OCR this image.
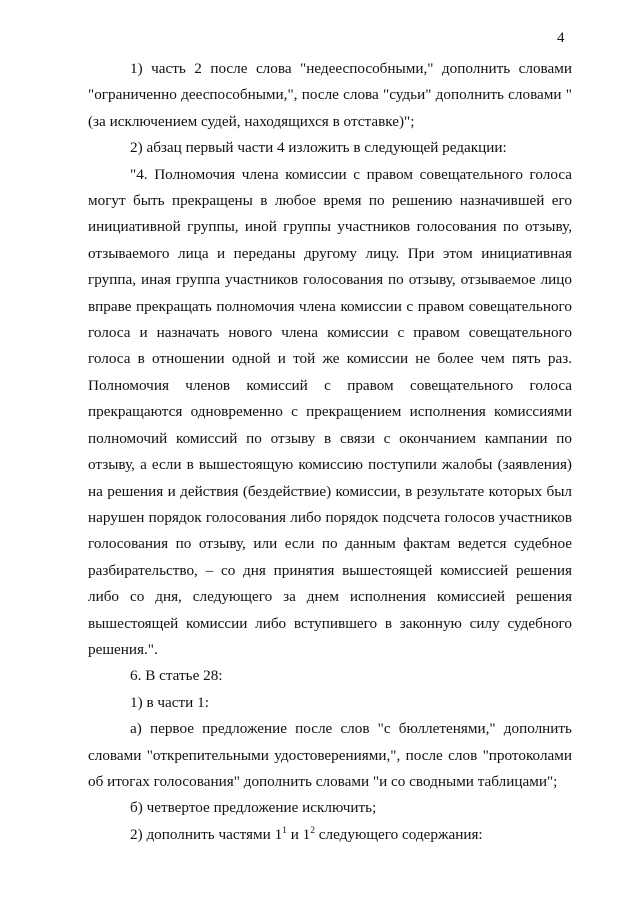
4

1) часть 2 после слова "недееспособными," дополнить словами "ограниченно дееспособными,", после слова "судьи" дополнить словами "(за исключением судей, находящихся в отставке)";

2) абзац первый части 4 изложить в следующей редакции:

"4. Полномочия члена комиссии с правом совещательного голоса могут быть прекращены в любое время по решению назначившей его инициативной группы, иной группы участников голосования по отзыву, отзываемого лица и переданы другому лицу. При этом инициативная группа, иная группа участников голосования по отзыву, отзываемое лицо вправе прекращать полномочия члена комиссии с правом совещательного голоса и назначать нового члена комиссии с правом совещательного голоса в отношении одной и той же комиссии не более чем пять раз. Полномочия членов комиссий с правом совещательного голоса прекращаются одновременно с прекращением исполнения комиссиями полномочий комиссий по отзыву в связи с окончанием кампании по отзыву, а если в вышестоящую комиссию поступили жалобы (заявления) на решения и действия (бездействие) комиссии, в результате которых был нарушен порядок голосования либо порядок подсчета голосов участников голосования по отзыву, или если по данным фактам ведется судебное разбирательство, – со дня принятия вышестоящей комиссией решения либо со дня, следующего за днем исполнения комиссией решения вышестоящей комиссии либо вступившего в законную силу судебного решения.".

6. В статье 28:

1) в части 1:

а) первое предложение после слов "с бюллетенями," дополнить словами "открепительными удостоверениями,", после слов "протоколами об итогах голосования" дополнить словами "и со сводными таблицами";

б) четвертое предложение исключить;

2) дополнить частями $1^1$ и $1^2$ следующего содержания:
